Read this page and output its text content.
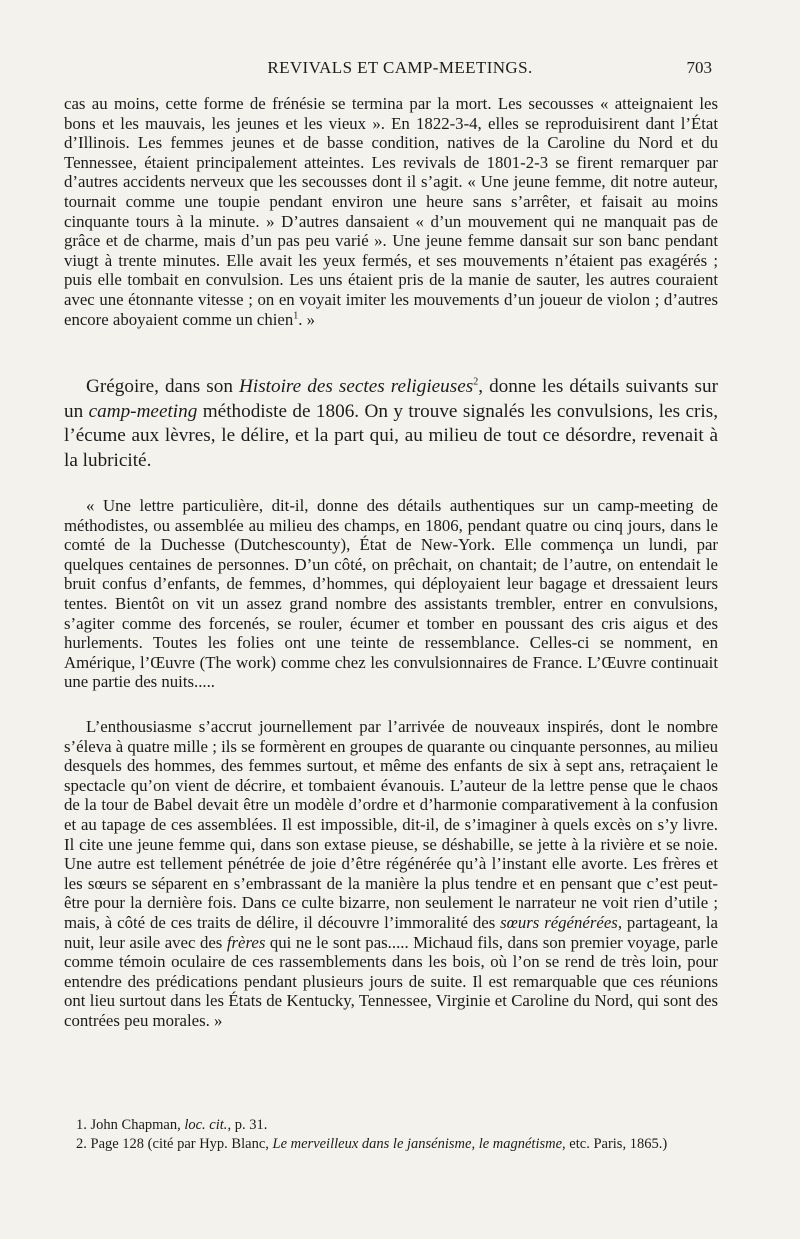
REVIVALS ET CAMP-MEETINGS.	703

cas au moins, cette forme de frénésie se termina par la mort. Les secousses « atteignaient les bons et les mauvais, les jeunes et les vieux ». En 1822-3-4, elles se reproduisirent dant l’État d’Illinois. Les femmes jeunes et de basse condition, natives de la Caroline du Nord et du Tennessee, étaient principalement atteintes. Les revivals de 1801-2-3 se firent remarquer par d’autres accidents nerveux que les secousses dont il s’agit. « Une jeune femme, dit notre auteur, tournait comme une toupie pendant environ une heure sans s’arrêter, et faisait au moins cinquante tours à la minute. » D’autres dansaient « d’un mouvement qui ne manquait pas de grâce et de charme, mais d’un pas peu varié ». Une jeune femme dansait sur son banc pendant viugt à trente minutes. Elle avait les yeux fermés, et ses mouvements n’étaient pas exagérés ; puis elle tombait en convulsion. Les uns étaient pris de la manie de sauter, les autres couraient avec une étonnante vitesse ; on en voyait imiter les mouvements d’un joueur de violon ; d’autres encore aboyaient comme un chien$^1$. »

Grégoire, dans son Histoire des sectes religieuses$^2$, donne les détails suivants sur un camp-meeting méthodiste de 1806. On y trouve signalés les convulsions, les cris, l’écume aux lèvres, le délire, et la part qui, au milieu de tout ce désordre, revenait à la lubricité.

« Une lettre particulière, dit-il, donne des détails authentiques sur un camp-meeting de méthodistes, ou assemblée au milieu des champs, en 1806, pendant quatre ou cinq jours, dans le comté de la Duchesse (Dutchescounty), État de New-York. Elle commença un lundi, par quelques centaines de personnes. D’un côté, on prêchait, on chantait; de l’autre, on entendait le bruit confus d’enfants, de femmes, d’hommes, qui déployaient leur bagage et dressaient leurs tentes. Bientôt on vit un assez grand nombre des assistants trembler, entrer en convulsions, s’agiter comme des forcenés, se rouler, écumer et tomber en poussant des cris aigus et des hurlements. Toutes les folies ont une teinte de ressemblance. Celles-ci se nomment, en Amérique, l’Œuvre (The work) comme chez les convulsionnaires de France. L’Œuvre continuait une partie des nuits.....

L’enthousiasme s’accrut journellement par l’arrivée de nouveaux inspirés, dont le nombre s’éleva à quatre mille ; ils se formèrent en groupes de quarante ou cinquante personnes, au milieu desquels des hommes, des femmes surtout, et même des enfants de six à sept ans, retraçaient le spectacle qu’on vient de décrire, et tombaient évanouis. L’auteur de la lettre pense que le chaos de la tour de Babel devait être un modèle d’ordre et d’harmonie comparativement à la confusion et au tapage de ces assemblées. Il est impossible, dit-il, de s’imaginer à quels excès on s’y livre. Il cite une jeune femme qui, dans son extase pieuse, se déshabille, se jette à la rivière et se noie. Une autre est tellement pénétrée de joie d’être régénérée qu’à l’instant elle avorte. Les frères et les sœurs se séparent en s’embrassant de la manière la plus tendre et en pensant que c’est peut-être pour la dernière fois. Dans ce culte bizarre, non seulement le narrateur ne voit rien d’utile ; mais, à côté de ces traits de délire, il découvre l’immoralité des sœurs régénérées, partageant, la nuit, leur asile avec des frères qui ne le sont pas..... Michaud fils, dans son premier voyage, parle comme témoin oculaire de ces rassemblements dans les bois, où l’on se rend de très loin, pour entendre des prédications pendant plusieurs jours de suite. Il est remarquable que ces réunions ont lieu surtout dans les États de Kentucky, Tennessee, Virginie et Caroline du Nord, qui sont des contrées peu morales. »

1. John Chapman, loc. cit., p. 31.

2. Page 128 (cité par Hyp. Blanc, Le merveilleux dans le jansénisme, le magnétisme, etc. Paris, 1865.)
